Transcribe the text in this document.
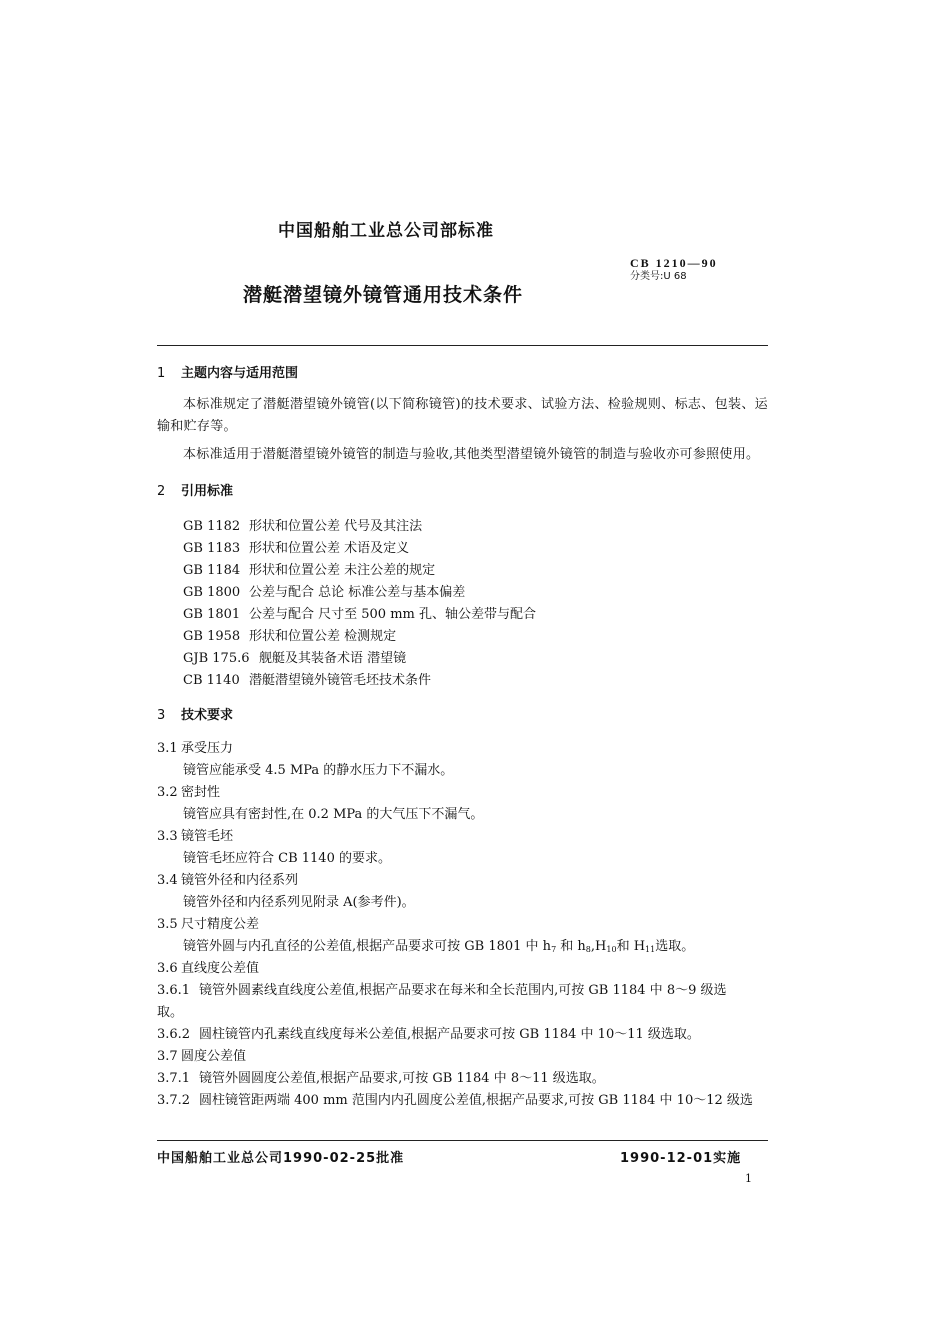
中国船舶工业总公司部标准
潜艇潜望镜外镜管通用技术条件
CB 1210—90
分类号:U 68
1 主题内容与适用范围
本标准规定了潜艇潜望镜外镜管(以下简称镜管)的技术要求、试验方法、检验规则、标志、包装、运输和贮存等。
本标准适用于潜艇潜望镜外镜管的制造与验收,其他类型潜望镜外镜管的制造与验收亦可参照使用。
2 引用标准
GB 1182 形状和位置公差 代号及其注法
GB 1183 形状和位置公差 术语及定义
GB 1184 形状和位置公差 未注公差的规定
GB 1800 公差与配合 总论 标准公差与基本偏差
GB 1801 公差与配合 尺寸至 500 mm 孔、轴公差带与配合
GB 1958 形状和位置公差 检测规定
GJB 175.6 舰艇及其装备术语 潜望镜
CB 1140 潜艇潜望镜外镜管毛坯技术条件
3 技术要求
3.1 承受压力
镜管应能承受 4.5 MPa 的静水压力下不漏水。
3.2 密封性
镜管应具有密封性,在 0.2 MPa 的大气压下不漏气。
3.3 镜管毛坯
镜管毛坯应符合 CB 1140 的要求。
3.4 镜管外径和内径系列
镜管外径和内径系列见附录 A(参考件)。
3.5 尺寸精度公差
镜管外圆与内孔直径的公差值,根据产品要求可按 GB 1801 中 $h_7$ 和 $h_8,H_{10}$和 $H_{11}$选取。
3.6 直线度公差值
3.6.1 镜管外圆素线直线度公差值,根据产品要求在每米和全长范围内,可按 GB 1184 中 8～9 级选
取。
3.6.2 圆柱镜管内孔素线直线度每米公差值,根据产品要求可按 GB 1184 中 10～11 级选取。
3.7 圆度公差值
3.7.1 镜管外圆圆度公差值,根据产品要求,可按 GB 1184 中 8～11 级选取。
3.7.2 圆柱镜管距两端 400 mm 范围内内孔圆度公差值,根据产品要求,可按 GB 1184 中 10～12 级选
中国船舶工业总公司1990-02-25批准	1990-12-01实施
1
